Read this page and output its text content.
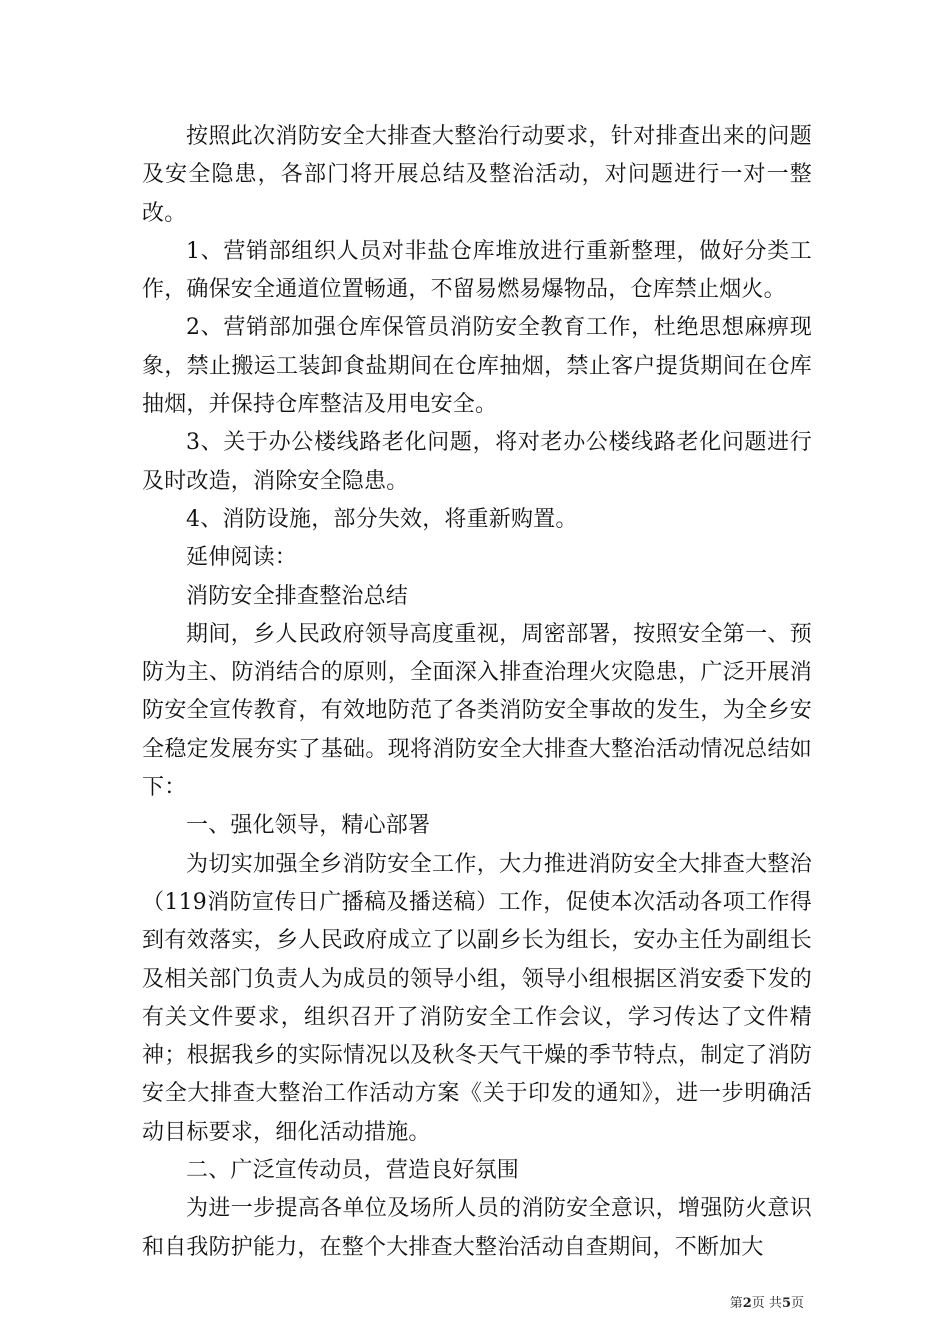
按照此次消防安全大排查大整治行动要求，针对排查出来的问题及安全隐患，各部门将开展总结及整治活动，对问题进行一对一整改。

1、营销部组织人员对非盐仓库堆放进行重新整理，做好分类工作，确保安全通道位置畅通，不留易燃易爆物品，仓库禁止烟火。

2、营销部加强仓库保管员消防安全教育工作，杜绝思想麻痹现象，禁止搬运工装卸食盐期间在仓库抽烟，禁止客户提货期间在仓库抽烟，并保持仓库整洁及用电安全。

3、关于办公楼线路老化问题，将对老办公楼线路老化问题进行及时改造，消除安全隐患。

4、消防设施，部分失效，将重新购置。

延伸阅读：

消防安全排查整治总结

期间，乡人民政府领导高度重视，周密部署，按照安全第一、预防为主、防消结合的原则，全面深入排查治理火灾隐患，广泛开展消防安全宣传教育，有效地防范了各类消防安全事故的发生，为全乡安全稳定发展夯实了基础。现将消防安全大排查大整治活动情况总结如下：

一、强化领导，精心部署

为切实加强全乡消防安全工作，大力推进消防安全大排查大整治（119消防宣传日广播稿及播送稿）工作，促使本次活动各项工作得到有效落实，乡人民政府成立了以副乡长为组长，安办主任为副组长及相关部门负责人为成员的领导小组，领导小组根据区消安委下发的有关文件要求，组织召开了消防安全工作会议，学习传达了文件精神；根据我乡的实际情况以及秋冬天气干燥的季节特点，制定了消防安全大排查大整治工作活动方案《关于印发的通知》，进一步明确活动目标要求，细化活动措施。

二、广泛宣传动员，营造良好氛围

为进一步提高各单位及场所人员的消防安全意识，增强防火意识和自我防护能力，在整个大排查大整治活动自查期间，不断加大

第2页 共5页
